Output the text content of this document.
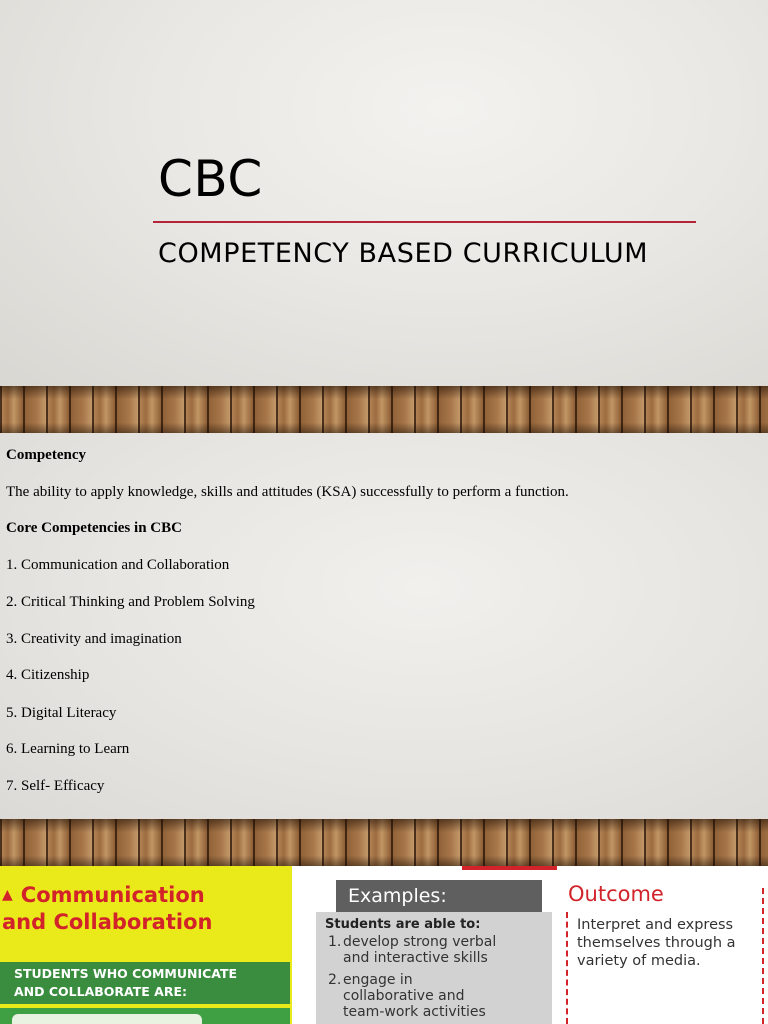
CBC
COMPETENCY BASED CURRICULUM
Competency
The ability to apply knowledge, skills and attitudes (KSA) successfully to perform a function.
Core Competencies in CBC
1. Communication and Collaboration
2. Critical Thinking and Problem Solving
3. Creativity and imagination
4. Citizenship
5. Digital Literacy
6. Learning to Learn
7. Self- Efficacy
▲ Communication
and Collaboration
STUDENTS WHO COMMUNICATE
AND COLLABORATE ARE:
Examples:
Students are able to:
1. develop strong verbal
and interactive skills
2. engage in
collaborative and
team-work activities
Outcome
Interpret and express themselves through a variety of media.
